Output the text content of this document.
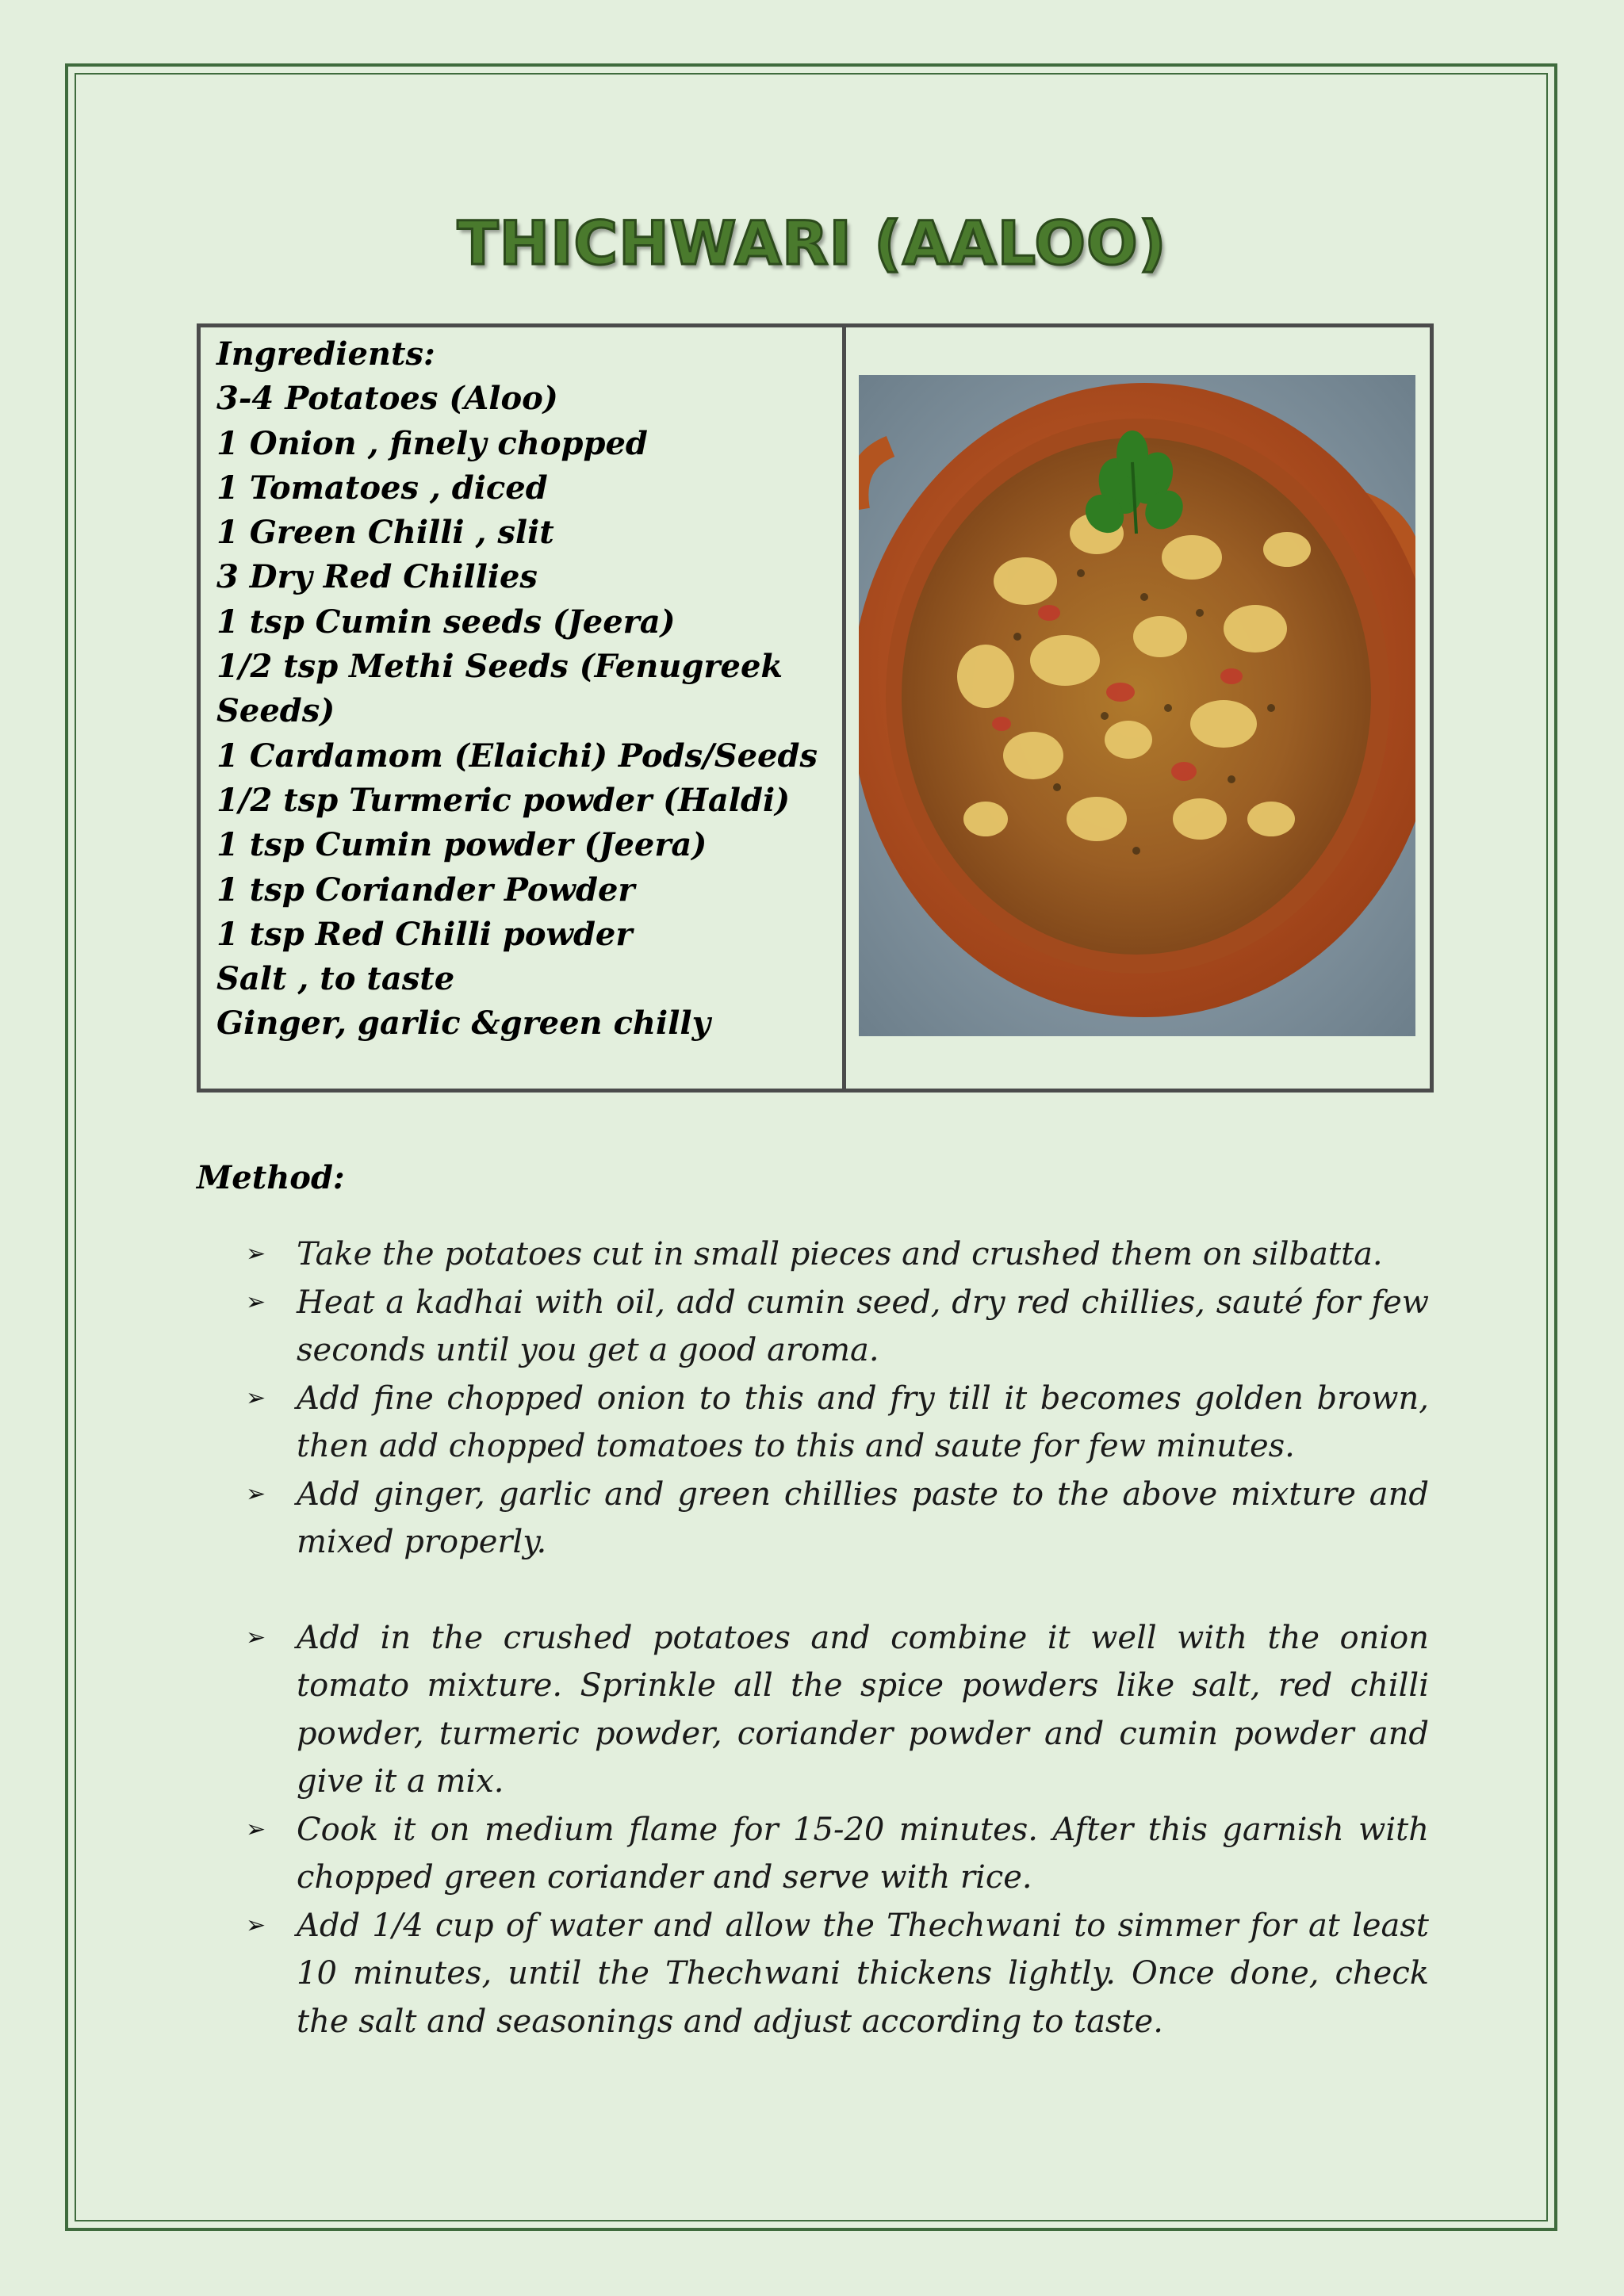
THICHWARI (AALOO)
Ingredients:
3-4 Potatoes (Aloo)
1 Onion , finely chopped
1 Tomatoes , diced
1 Green Chilli , slit
3 Dry Red Chillies
1 tsp Cumin seeds (Jeera)
1/2 tsp Methi Seeds (Fenugreek
Seeds)
1 Cardamom (Elaichi) Pods/Seeds
1/2 tsp Turmeric powder (Haldi)
1 tsp Cumin powder (Jeera)
1 tsp Coriander Powder
1 tsp Red Chilli powder
Salt , to taste
Ginger, garlic &green chilly
Method:
➢ Take the potatoes cut in small pieces and crushed them on silbatta.
➢ Heat a kadhai with oil, add cumin seed, dry red chillies, sauté for few seconds until you get a good aroma.
➢ Add fine chopped onion to this and fry till it becomes golden brown, then add chopped tomatoes to this and saute for few minutes.
➢ Add ginger, garlic and green chillies paste to the above mixture and mixed properly.
➢ Add in the crushed potatoes and combine it well with the onion tomato mixture. Sprinkle all the spice powders like salt, red chilli powder, turmeric powder, coriander powder and cumin powder and give it a mix.
➢ Cook it on medium flame for 15-20 minutes. After this garnish with chopped green coriander and serve with rice.
➢ Add 1/4 cup of water and allow the Thechwani to simmer for at least 10 minutes, until the Thechwani thickens lightly. Once done, check the salt and seasonings and adjust according to taste.
